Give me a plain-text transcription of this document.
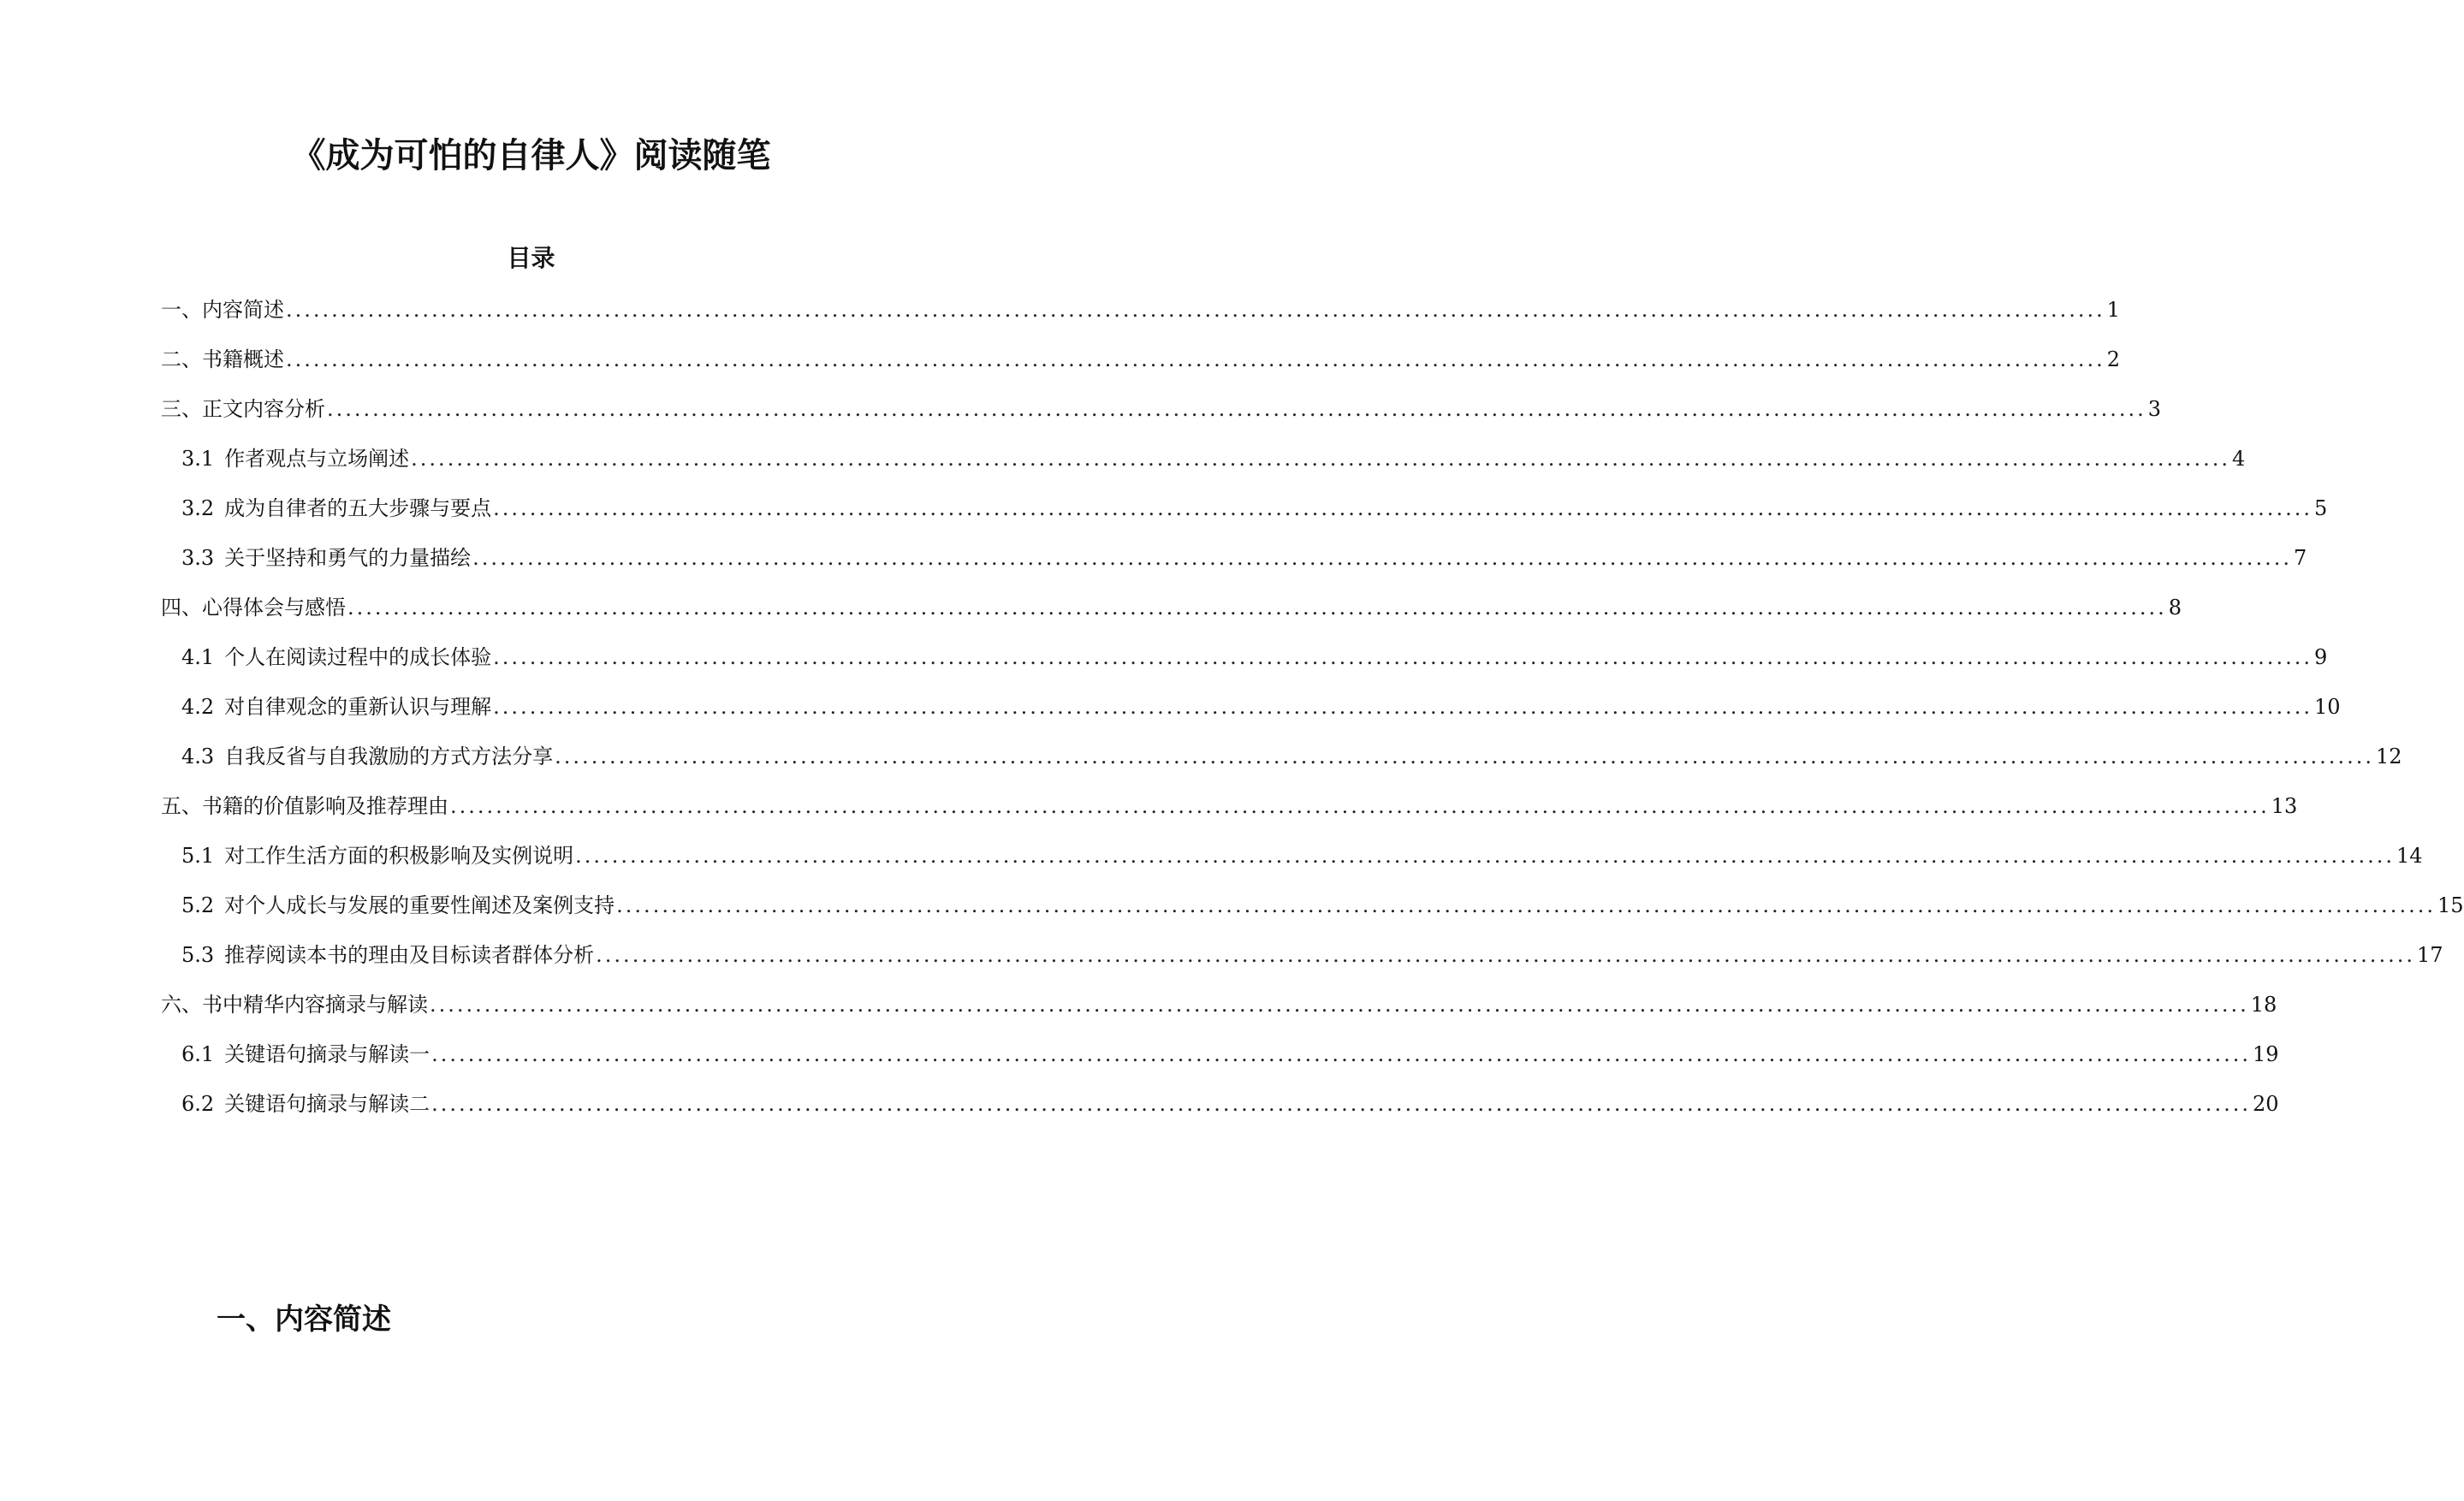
《成为可怕的自律人》阅读随笔
目录
一、内容简述 ........................................................................................................................................................................................................ 1
二、书籍概述 ........................................................................................................................................................................................................ 2
三、正文内容分析 ........................................................................................................................................................................................................ 3
3.1 作者观点与立场阐述 ........................................................................................................................................................................................................ 4
3.2 成为自律者的五大步骤与要点 ........................................................................................................................................................................................................ 5
3.3 关于坚持和勇气的力量描绘 ........................................................................................................................................................................................................ 7
四、心得体会与感悟 ........................................................................................................................................................................................................ 8
4.1 个人在阅读过程中的成长体验 ........................................................................................................................................................................................................ 9
4.2 对自律观念的重新认识与理解 ........................................................................................................................................................................................................ 10
4.3 自我反省与自我激励的方式方法分享 ........................................................................................................................................................................................................ 12
五、书籍的价值影响及推荐理由 ........................................................................................................................................................................................................ 13
5.1 对工作生活方面的积极影响及实例说明 ........................................................................................................................................................................................................ 14
5.2 对个人成长与发展的重要性阐述及案例支持 ........................................................................................................................................................................................................ 15
5.3 推荐阅读本书的理由及目标读者群体分析 ........................................................................................................................................................................................................ 17
六、书中精华内容摘录与解读 ........................................................................................................................................................................................................ 18
6.1 关键语句摘录与解读一 ........................................................................................................................................................................................................ 19
6.2 关键语句摘录与解读二 ........................................................................................................................................................................................................ 20
一、内容简述
